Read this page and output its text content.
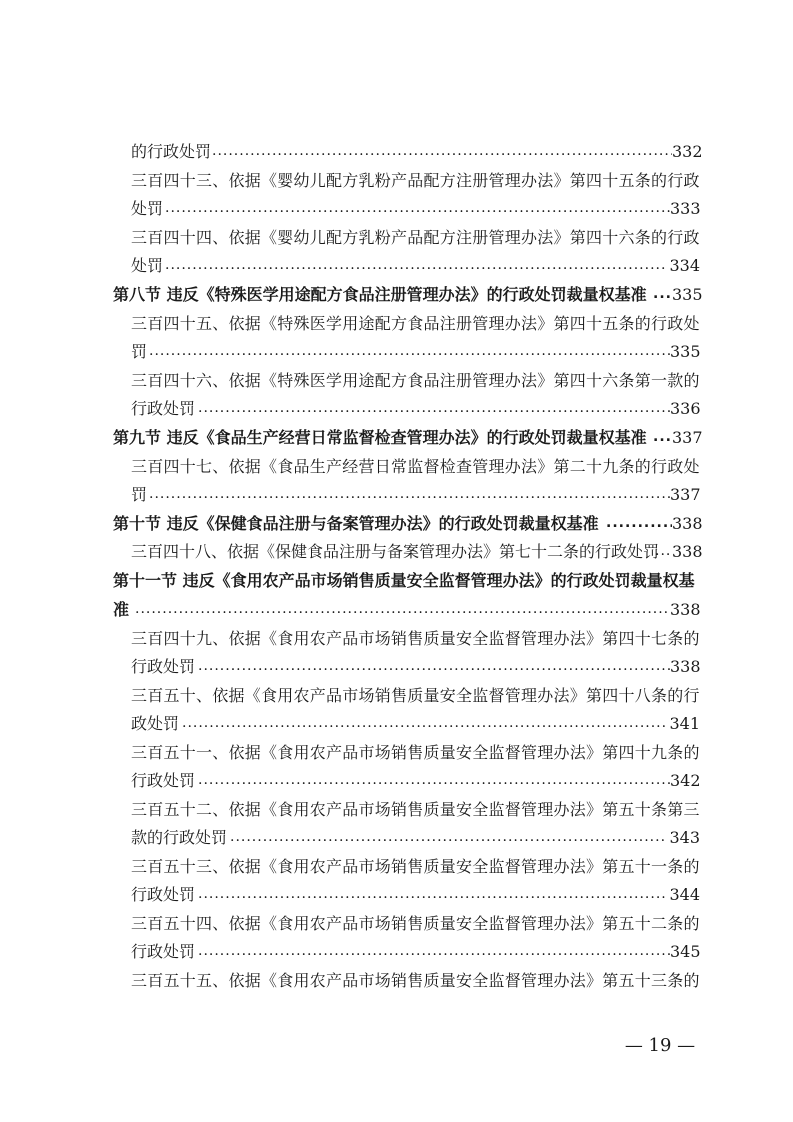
的行政处罚 .....	332
三 百 四 十 三 、 依 据 《 婴 幼 儿 配 方 乳 粉 产 品 配 方 注 册 管 理 办 法 》 第 四 十 五 条 的 行 政
处罚 .....	333
三 百 四 十 四 、 依 据 《 婴 幼 儿 配 方 乳 粉 产 品 配 方 注 册 管 理 办 法 》 第 四 十 六 条 的 行 政
处罚 .....	334
第八节 违反《特殊医学用途配方食品注册管理办法》的行政处罚裁量权基准 ..... 335
三 百 四 十 五 、 依 据 《 特 殊 医 学 用 途 配 方 食 品 注 册 管 理 办 法 》 第 四 十 五 条 的 行 政 处
罚 .....	335
三 百 四 十 六 、 依 据 《 特 殊 医 学 用 途 配 方 食 品 注 册 管 理 办 法 》 第 四 十 六 条 第 一 款 的
行政处罚 .....	336
第九节 违反《食品生产经营日常监督检查管理办法》的行政处罚裁量权基准 ..... 337
三 百 四 十 七 、 依 据 《 食 品 生 产 经 营 日 常 监 督 检 查 管 理 办 法 》 第 二 十 九 条 的 行 政 处
罚 .....	337
第十节 违反《保健食品注册与备案管理办法》的行政处罚裁量权基准 .....	338
三百四十八、依据《保健食品注册与备案管理办法》第七十二条的行政处罚 ..... 338
第十一节 违反《食用农产品市场销售质量安全监督管理办法》的行政处罚裁量权基
准 .....	338
三 百 四 十 九 、 依 据 《 食 用 农 产 品 市 场 销 售 质 量 安 全 监 督 管 理 办 法 》 第 四 十 七 条 的
行政处罚 .....	338
三 百 五 十 、 依 据 《 食 用 农 产 品 市 场 销 售 质 量 安 全 监 督 管 理 办 法 》 第 四 十 八 条 的 行
政处罚 .....	341
三 百 五 十 一 、 依 据 《 食 用 农 产 品 市 场 销 售 质 量 安 全 监 督 管 理 办 法 》 第 四 十 九 条 的
行政处罚 .....	342
三 百 五 十 二 、 依 据 《 食 用 农 产 品 市 场 销 售 质 量 安 全 监 督 管 理 办 法 》 第 五 十 条 第 三
款的行政处罚 .....	343
三 百 五 十 三 、 依 据 《 食 用 农 产 品 市 场 销 售 质 量 安 全 监 督 管 理 办 法 》 第 五 十 一 条 的
行政处罚 .....	344
三 百 五 十 四 、 依 据 《 食 用 农 产 品 市 场 销 售 质 量 安 全 监 督 管 理 办 法 》 第 五 十 二 条 的
行政处罚 .....	345
三 百 五 十 五 、 依 据 《 食 用 农 产 品 市 场 销 售 质 量 安 全 监 督 管 理 办 法 》 第 五 十 三 条 的
— 19 —
